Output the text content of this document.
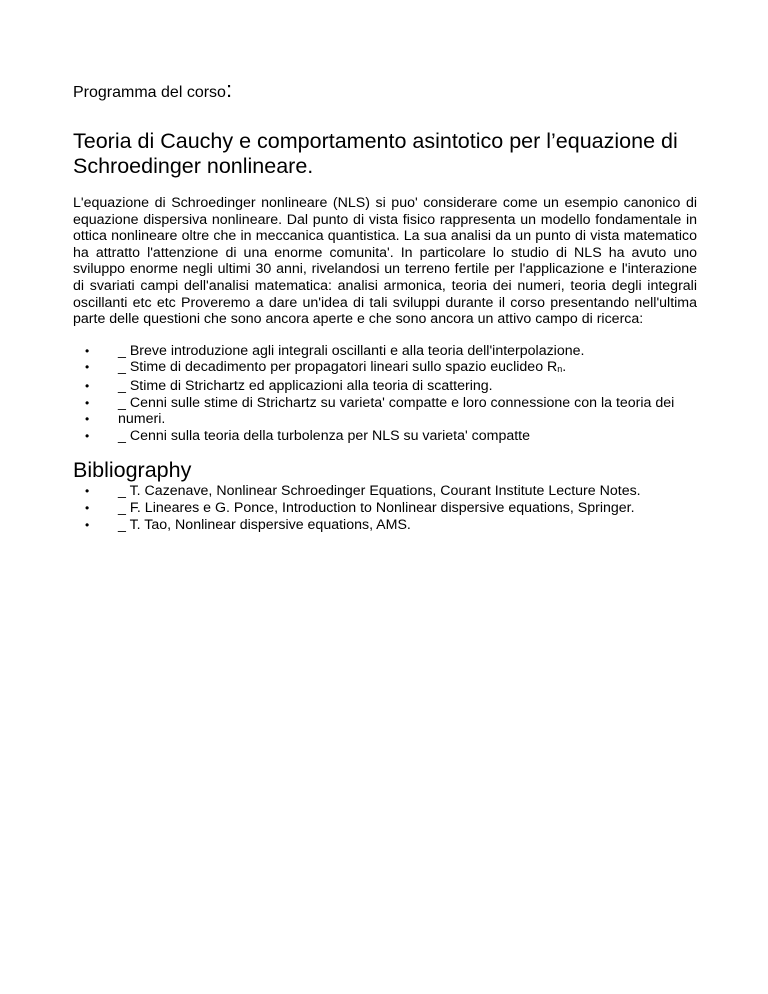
Programma del corso:

Teoria di Cauchy e comportamento asintotico per l’equazione di Schroedinger nonlineare.

L'equazione di Schroedinger nonlineare (NLS) si puo' considerare come un esempio canonico di equazione dispersiva nonlineare. Dal punto di vista fisico rappresenta un modello fondamentale in ottica nonlineare oltre che in meccanica quantistica. La sua analisi da un punto di vista matematico ha attratto l'attenzione di una enorme comunita'. In particolare lo studio di NLS ha avuto uno sviluppo enorme negli ultimi 30 anni, rivelandosi un terreno fertile per l'applicazione e l'interazione di svariati campi dell'analisi matematica: analisi armonica, teoria dei numeri, teoria degli integrali oscillanti etc etc Proveremo a dare un'idea di tali sviluppi durante il corso presentando nell'ultima parte delle questioni che sono ancora aperte e che sono ancora un attivo campo di ricerca:

• _ Breve introduzione agli integrali oscillanti e alla teoria dell'interpolazione.
• _ Stime di decadimento per propagatori lineari sullo spazio euclideo $R_n$.
• _ Stime di Strichartz ed applicazioni alla teoria di scattering.
• _ Cenni sulle stime di Strichartz su varieta' compatte e loro connessione con la teoria dei
• numeri.
• _ Cenni sulla teoria della turbolenza per NLS su varieta' compatte
Bibliography
• _ T. Cazenave, Nonlinear Schroedinger Equations, Courant Institute Lecture Notes.
• _ F. Lineares e G. Ponce, Introduction to Nonlinear dispersive equations, Springer.
• _ T. Tao, Nonlinear dispersive equations, AMS.
